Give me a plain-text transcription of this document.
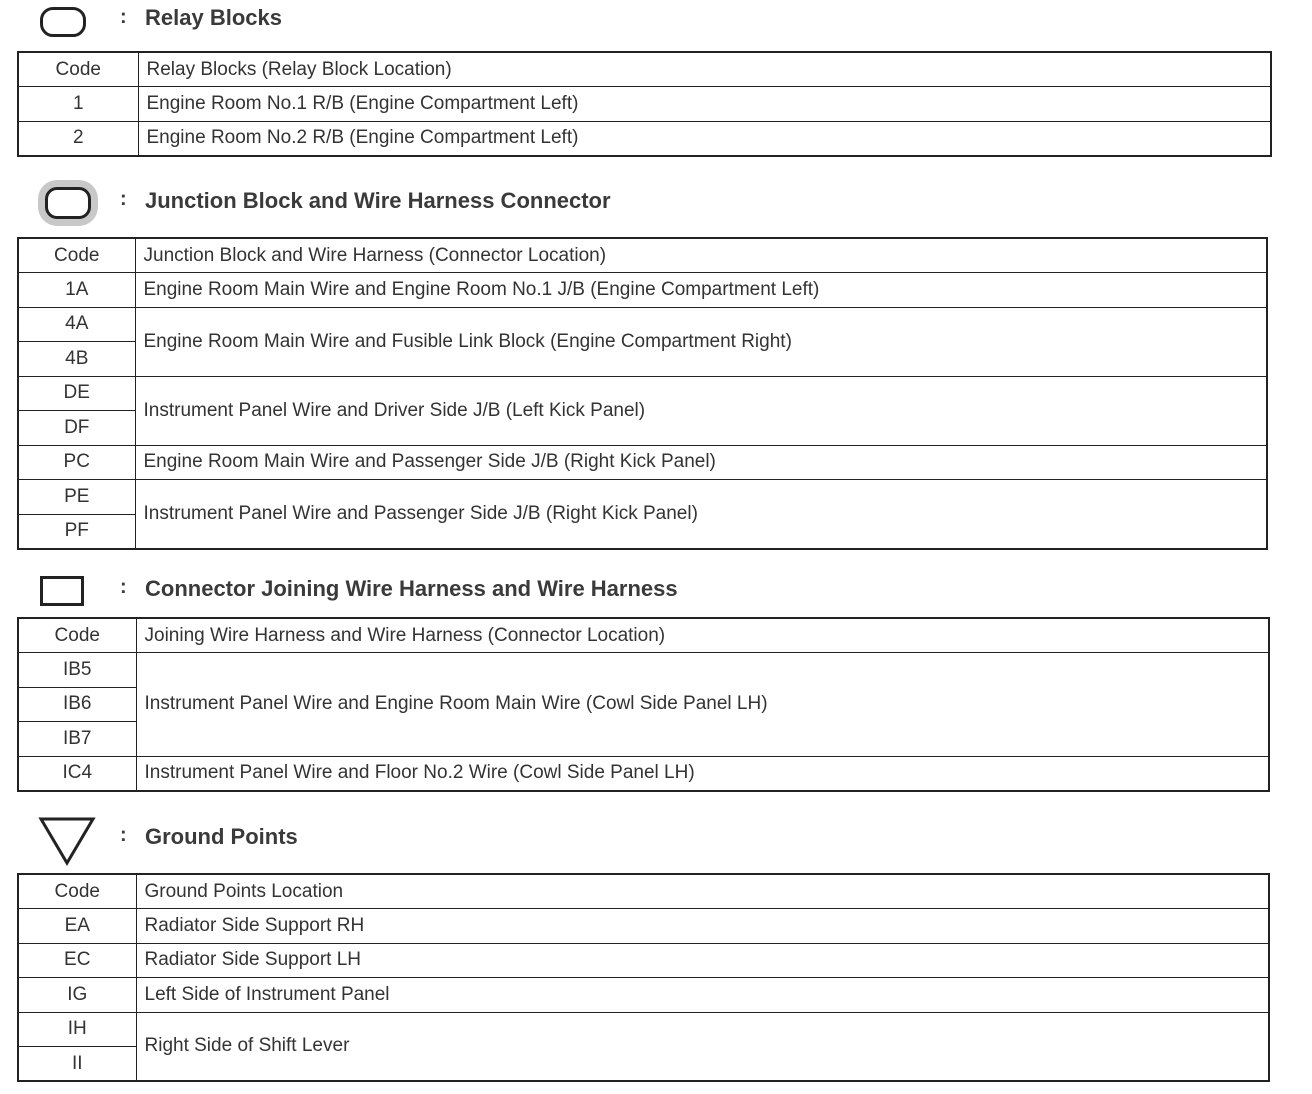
: Relay Blocks
Code	Relay Blocks (Relay Block Location)
1	Engine Room No.1 R/B (Engine Compartment Left)
2	Engine Room No.2 R/B (Engine Compartment Left)
: Junction Block and Wire Harness Connector
Code	Junction Block and Wire Harness (Connector Location)
1A	Engine Room Main Wire and Engine Room No.1 J/B (Engine Compartment Left)
4A	Engine Room Main Wire and Fusible Link Block (Engine Compartment Right)
4B	
DE	Instrument Panel Wire and Driver Side J/B (Left Kick Panel)
DF	
PC	Engine Room Main Wire and Passenger Side J/B (Right Kick Panel)
PE	Instrument Panel Wire and Passenger Side J/B (Right Kick Panel)
PF	
: Connector Joining Wire Harness and Wire Harness
Code	Joining Wire Harness and Wire Harness (Connector Location)
IB5	Instrument Panel Wire and Engine Room Main Wire (Cowl Side Panel LH)
IB6	
IB7	
IC4	Instrument Panel Wire and Floor No.2 Wire (Cowl Side Panel LH)
: Ground Points
Code	Ground Points Location
EA	Radiator Side Support RH
EC	Radiator Side Support LH
IG	Left Side of Instrument Panel
IH	Right Side of Shift Lever
II	
